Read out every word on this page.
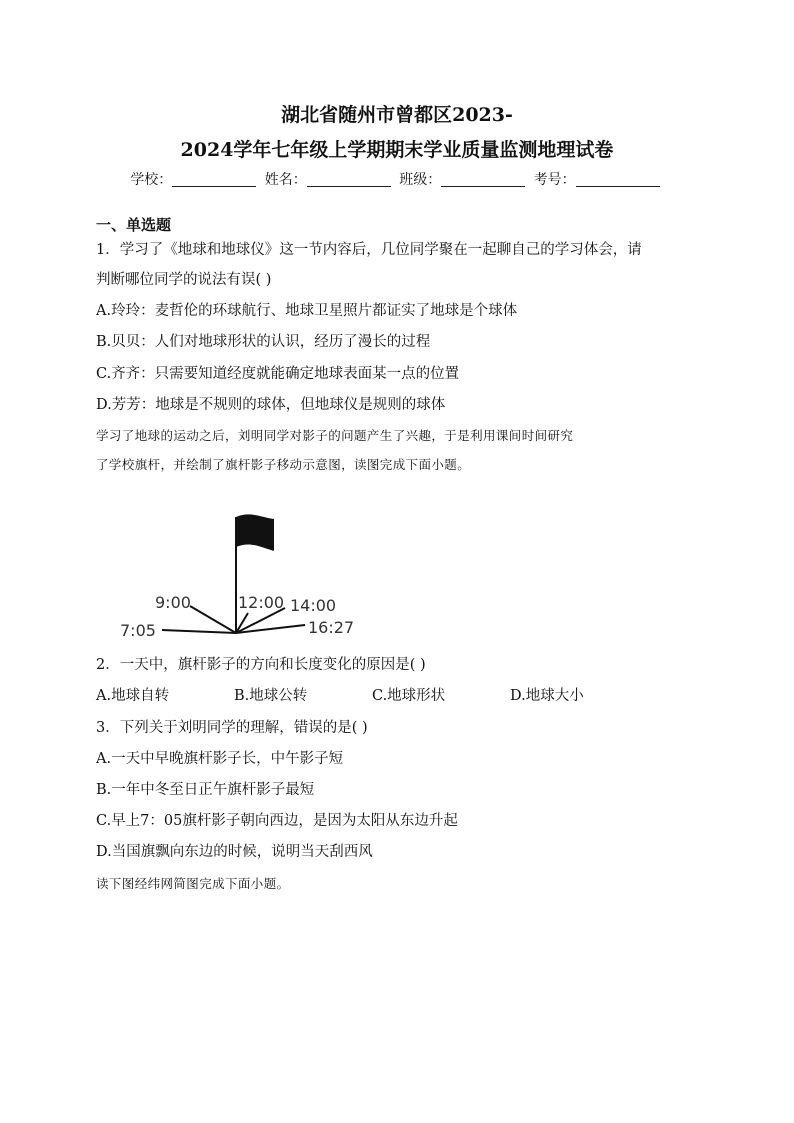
湖北省随州市曾都区2023-
2024学年七年级上学期期末学业质量监测地理试卷
学校：	姓名：	班级：	考号：
一、单选题
1．学习了《地球和地球仪》这一节内容后，几位同学聚在一起聊自己的学习体会，请
判断哪位同学的说法有误( )
A.玲玲：麦哲伦的环球航行、地球卫星照片都证实了地球是个球体
B.贝贝：人们对地球形状的认识，经历了漫长的过程
C.齐齐：只需要知道经度就能确定地球表面某一点的位置
D.芳芳：地球是不规则的球体，但地球仪是规则的球体
学习了地球的运动之后，刘明同学对影子的问题产生了兴趣，于是利用课间时间研究
了学校旗杆，并绘制了旗杆影子移动示意图，读图完成下面小题。
9:00	12:00 14:00
7:05	16:27
2．一天中，旗杆影子的方向和长度变化的原因是( )
A.地球自转	B.地球公转	C.地球形状	D.地球大小
3．下列关于刘明同学的理解，错误的是( )
A.一天中早晚旗杆影子长，中午影子短
B.一年中冬至日正午旗杆影子最短
C.早上7：05旗杆影子朝向西边，是因为太阳从东边升起
D.当国旗飘向东边的时候，说明当天刮西风
读下图经纬网简图完成下面小题。
